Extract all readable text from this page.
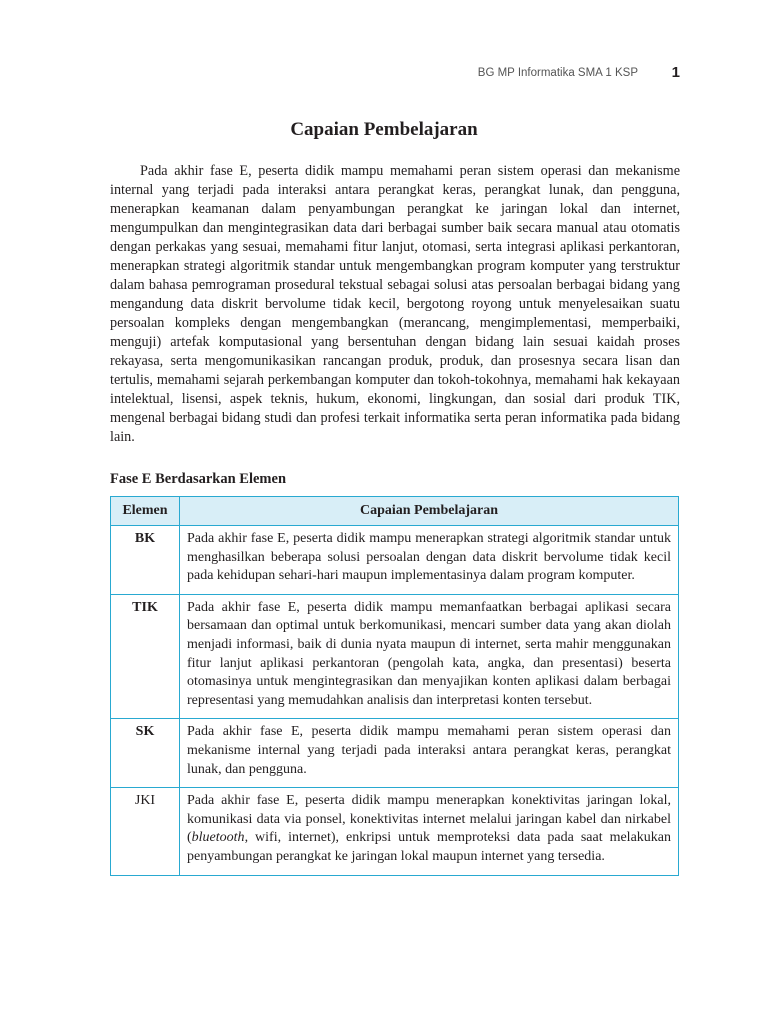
BG MP Informatika SMA 1 KSP 1
Capaian Pembelajaran

Pada akhir fase E, peserta didik mampu memahami peran sistem operasi dan mekanisme internal yang terjadi pada interaksi antara perangkat keras, perangkat lunak, dan pengguna, menerapkan keamanan dalam penyambungan perangkat ke jaringan lokal dan internet, mengumpulkan dan mengintegrasikan data dari berbagai sumber baik secara manual atau otomatis dengan perkakas yang sesuai, memahami fitur lanjut, otomasi, serta integrasi aplikasi perkantoran, menerapkan strategi algoritmik standar untuk mengembangkan program komputer yang terstruktur dalam bahasa pemrograman prosedural tekstual sebagai solusi atas persoalan berbagai bidang yang mengandung data diskrit bervolume tidak kecil, bergotong royong untuk menyelesaikan suatu persoalan kompleks dengan mengembangkan (merancang, mengimplementasi, memperbaiki, menguji) artefak komputasional yang bersentuhan dengan bidang lain sesuai kaidah proses rekayasa, serta mengomunikasikan rancangan produk, produk, dan prosesnya secara lisan dan tertulis, memahami sejarah perkembangan komputer dan tokoh-tokohnya, memahami hak kekayaan intelektual, lisensi, aspek teknis, hukum, ekonomi, lingkungan, dan sosial dari produk TIK, mengenal berbagai bidang studi dan profesi terkait informatika serta peran informatika pada bidang lain.

Fase E Berdasarkan Elemen
Elemen	Capaian Pembelajaran
BK	Pada akhir fase E, peserta didik mampu menerapkan strategi algoritmik standar untuk menghasilkan beberapa solusi persoalan dengan data diskrit bervolume tidak kecil pada kehidupan sehari-hari maupun implementasinya dalam program komputer.
TIK	Pada akhir fase E, peserta didik mampu memanfaatkan berbagai aplikasi secara bersamaan dan optimal untuk berkomunikasi, mencari sumber data yang akan diolah menjadi informasi, baik di dunia nyata maupun di internet, serta mahir menggunakan fitur lanjut aplikasi perkantoran (pengolah kata, angka, dan presentasi) beserta otomasinya untuk mengintegrasikan dan menyajikan konten aplikasi dalam berbagai representasi yang memudahkan analisis dan interpretasi konten tersebut.
SK	Pada akhir fase E, peserta didik mampu memahami peran sistem operasi dan mekanisme internal yang terjadi pada interaksi antara perangkat keras, perangkat lunak, dan pengguna.
JKI	Pada akhir fase E, peserta didik mampu menerapkan konektivitas jaringan lokal, komunikasi data via ponsel, konektivitas internet melalui jaringan kabel dan nirkabel (bluetooth, wifi, internet), enkripsi untuk memproteksi data pada saat melakukan penyambungan perangkat ke jaringan lokal maupun internet yang tersedia.
